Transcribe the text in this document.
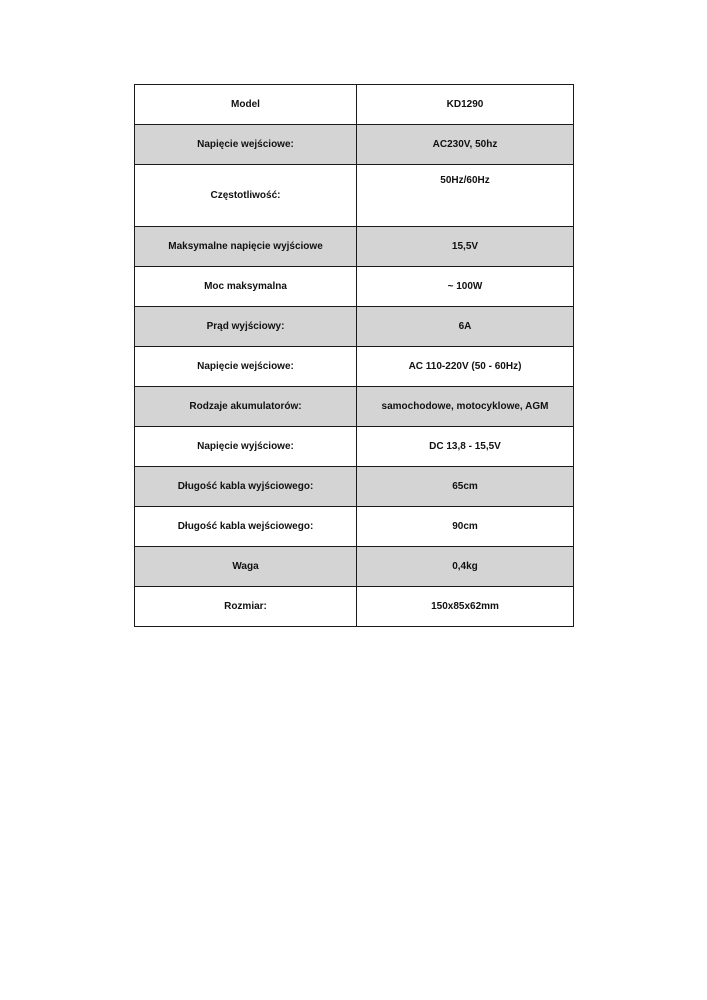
Model	KD1290
Napięcie wejściowe:	AC230V, 50hz
Częstotliwość:	50Hz/60Hz
Maksymalne napięcie wyjściowe	15,5V
Moc maksymalna	~ 100W
Prąd wyjściowy:	6A
Napięcie wejściowe:	AC 110-220V (50 - 60Hz)
Rodzaje akumulatorów:	samochodowe, motocyklowe, AGM
Napięcie wyjściowe:	DC 13,8 - 15,5V
Długość kabla wyjściowego:	65cm
Długość kabla wejściowego:	90cm
Waga	0,4kg
Rozmiar:	150x85x62mm
